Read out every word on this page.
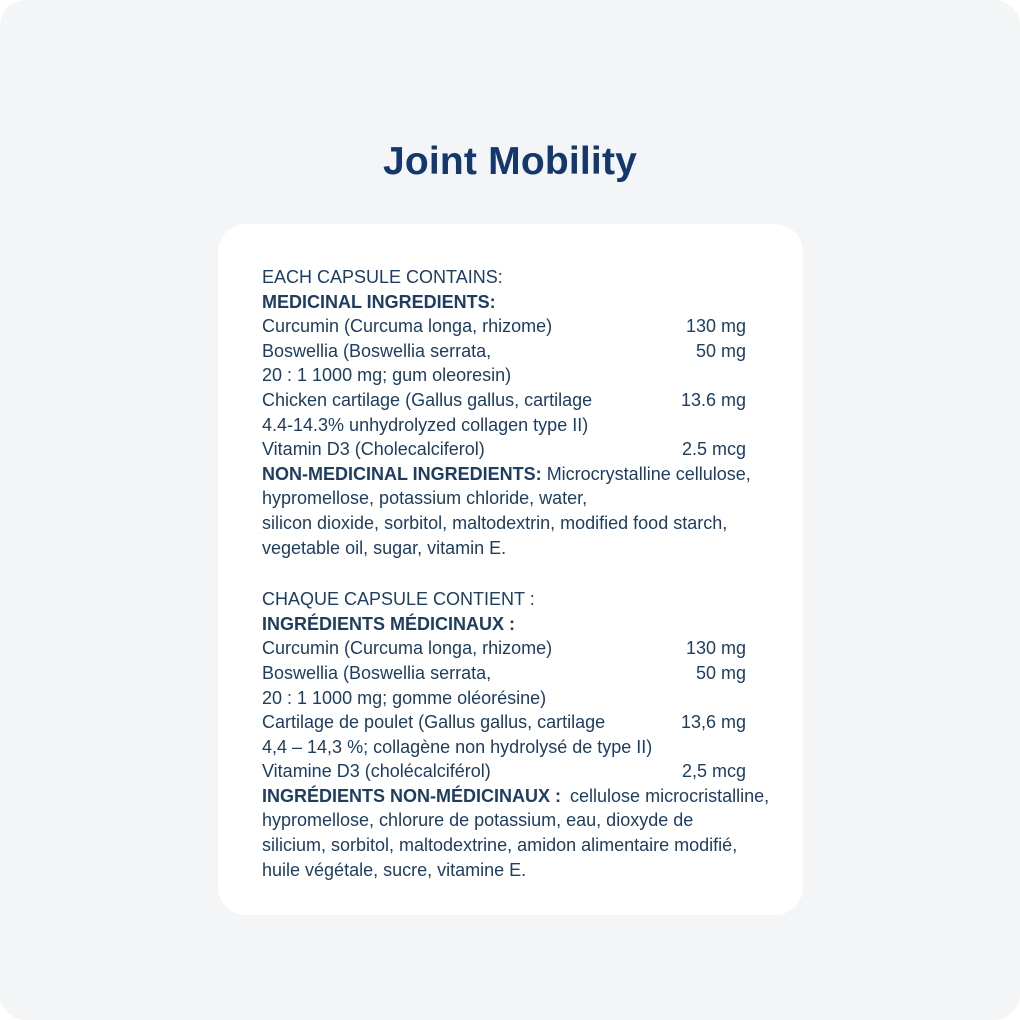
Joint Mobility
EACH CAPSULE CONTAINS:
MEDICINAL INGREDIENTS:
Curcumin (Curcuma longa, rhizome)	130 mg
Boswellia (Boswellia serrata,	50 mg
20 : 1 1000 mg; gum oleoresin)
Chicken cartilage (Gallus gallus, cartilage	13.6 mg
4.4-14.3% unhydrolyzed collagen type II)
Vitamin D3 (Cholecalciferol)	2.5 mcg
NON-MEDICINAL INGREDIENTS: Microcrystalline cellulose,
hypromellose, potassium chloride, water,
silicon dioxide, sorbitol, maltodextrin, modified food starch,
vegetable oil, sugar, vitamin E.
CHAQUE CAPSULE CONTIENT :
INGRÉDIENTS MÉDICINAUX :
Curcumin (Curcuma longa, rhizome)	130 mg
Boswellia (Boswellia serrata,	50 mg
20 : 1 1000 mg; gomme oléorésine)
Cartilage de poulet (Gallus gallus, cartilage	13,6 mg
4,4 – 14,3 %; collagène non hydrolysé de type II)
Vitamine D3 (cholécalciférol)	2,5 mcg
INGRÉDIENTS NON-MÉDICINAUX : cellulose microcristalline,
hypromellose, chlorure de potassium, eau, dioxyde de
silicium, sorbitol, maltodextrine, amidon alimentaire modifié,
huile végétale, sucre, vitamine E.
